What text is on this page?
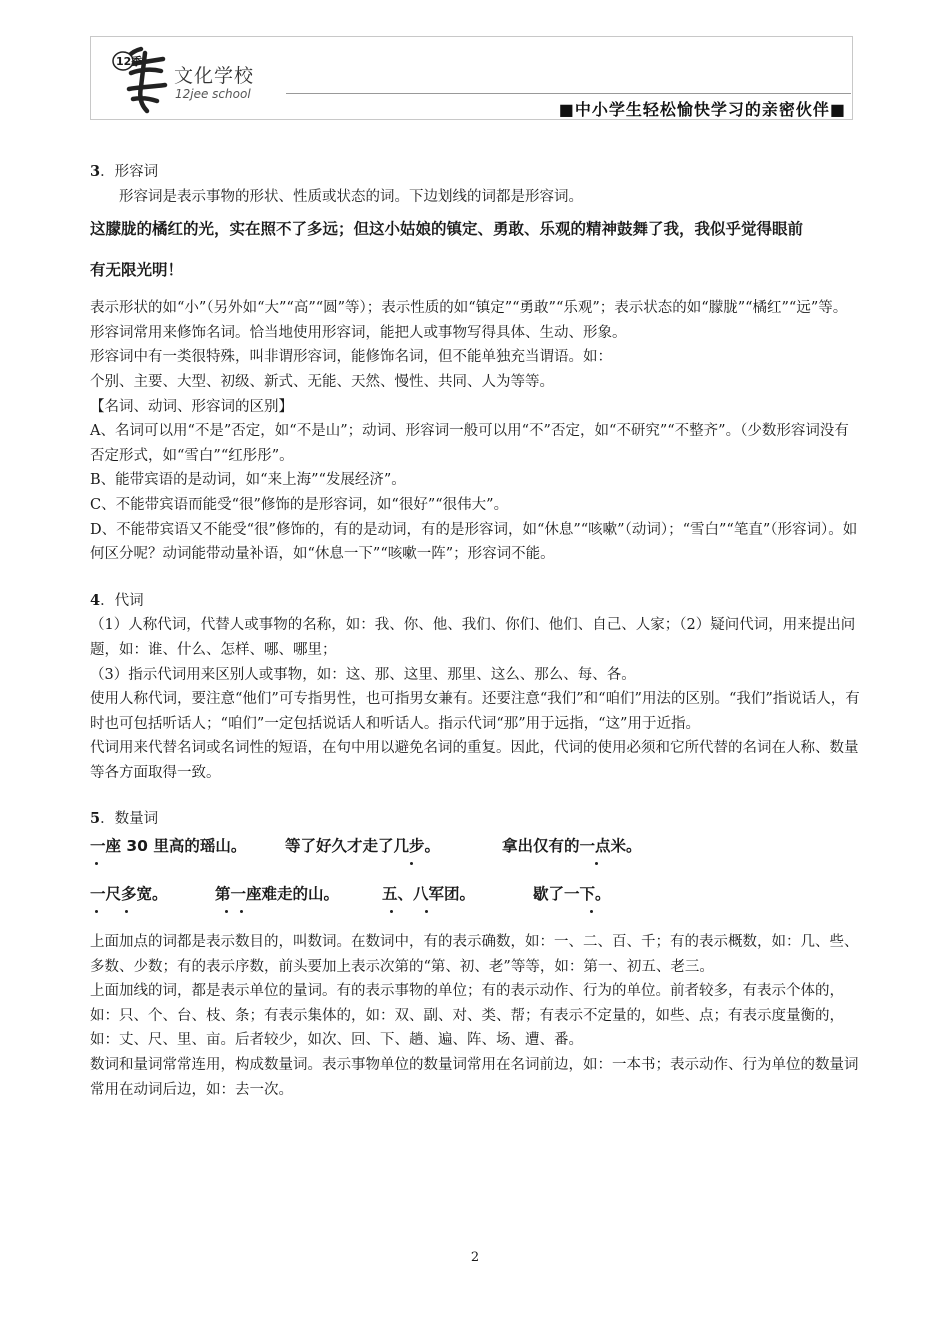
12季
文化学校
12jee school
■中小学生轻松愉快学习的亲密伙伴■

3．形容词

形容词是表示事物的形状、性质或状态的词。下边划线的词都是形容词。

这朦胧的橘红的光，实在照不了多远；但这小姑娘的镇定、勇敢、乐观的精神鼓舞了我，我似乎觉得眼前

有无限光明！

表示形状的如“小”（另外如“大”“高”“圆”等）；表示性质的如“镇定”“勇敢”“乐观”；表示状态的如“朦胧”“橘红”“远”等。

形容词常用来修饰名词。恰当地使用形容词，能把人或事物写得具体、生动、形象。

形容词中有一类很特殊，叫非谓形容词，能修饰名词，但不能单独充当谓语。如：

个别、主要、大型、初级、新式、无能、天然、慢性、共同、人为等等。

【名词、动词、形容词的区别】

A、名词可以用“不是”否定，如“不是山”；动词、形容词一般可以用“不”否定，如“不研究”“不整齐”。（少数形容词没有否定形式，如“雪白”“红彤彤”。

B、能带宾语的是动词，如“来上海”“发展经济”。

C、不能带宾语而能受“很”修饰的是形容词，如“很好”“很伟大”。

D、不能带宾语又不能受“很”修饰的，有的是动词，有的是形容词，如“休息”“咳嗽”（动词）；“雪白”“笔直”（形容词）。如何区分呢？动词能带动量补语，如“休息一下”“咳嗽一阵”；形容词不能。

4．代词

（1）人称代词，代替人或事物的名称，如：我、你、他、我们、你们、他们、自己、人家；（2）疑问代词，用来提出问题，如：谁、什么、怎样、哪、哪里；

（3）指示代词用来区别人或事物，如：这、那、这里、那里、这么、那么、每、各。

使用人称代词，要注意“他们”可专指男性，也可指男女兼有。还要注意“我们”和“咱们”用法的区别。“我们”指说话人，有时也可包括听话人；“咱们”一定包括说话人和听话人。指示代词“那”用于远指，“这”用于近指。

代词用来代替名词或名词性的短语，在句中用以避免名词的重复。因此，代词的使用必须和它所代替的名词在人称、数量等各方面取得一致。

5．数量词

一座 30 里高的瑶山。 等了好久才走了几步。	拿出仅有的一点米。
一尺多宽。	第一座难走的山。	五、八军团。	歇了一下。

上面加点的词都是表示数目的，叫数词。在数词中，有的表示确数，如：一、二、百、千；有的表示概数，如：几、些、多数、少数；有的表示序数，前头要加上表示次第的“第、初、老”等等，如：第一、初五、老三。

上面加线的词，都是表示单位的量词。有的表示事物的单位；有的表示动作、行为的单位。前者较多，有表示个体的，如：只、个、台、枝、条；有表示集体的，如：双、副、对、类、帮；有表示不定量的，如些、点；有表示度量衡的，如：丈、尺、里、亩。后者较少，如次、回、下、趟、遍、阵、场、遭、番。

数词和量词常常连用，构成数量词。表示事物单位的数量词常用在名词前边，如：一本书；表示动作、行为单位的数量词常用在动词后边，如：去一次。

2
